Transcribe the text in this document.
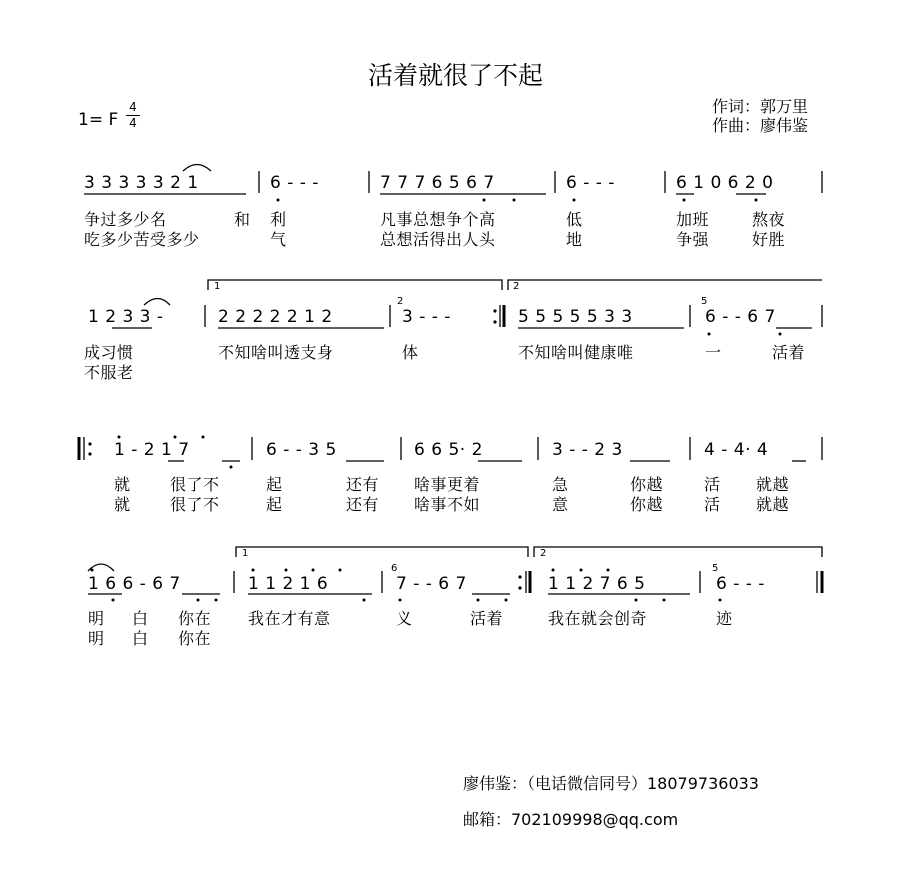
活着就很了不起
1= F
4
4
作词：郭万里
作曲：廖伟鉴
3 3 3 3 3 2 1	6 - - -	7 7 7 6 5 6 7	6 - - -	6 1 0 6 2 0
争过多少名	和 利	凡事总想争个高	低	加班	熬夜
吃多少苦受多少	气	总想活得出人头	地	争强	好胜
1 2 3 3 -	2 2 2 2 2 1 2	3 - - -	5 5 5 5 5 3 3	6 - - 6 7
2	5
1	2
成习惯	不知啥叫透支身	体	不知啥叫健康唯	一	活着
不服老
1 - 2 1 7	6 - - 3 5	6 6 5· 2	3 - - 2 3	4 - 4· 4
就 很了不	起	还有 啥事更着	急	你越	活 就越
就 很了不	起	还有 啥事不如	意	你越	活 就越
1 6 6 - 6 7	1 1 2 1 6	7 - - 6 7	1 1 2 7 6 5	6 - - -
6	5
1	2
明 白 你在 我在才有意	义	活着	我在就会创奇	迹
明 白 你在
廖伟鉴：（电话微信同号）18079736033
邮箱：702109998@qq.com
